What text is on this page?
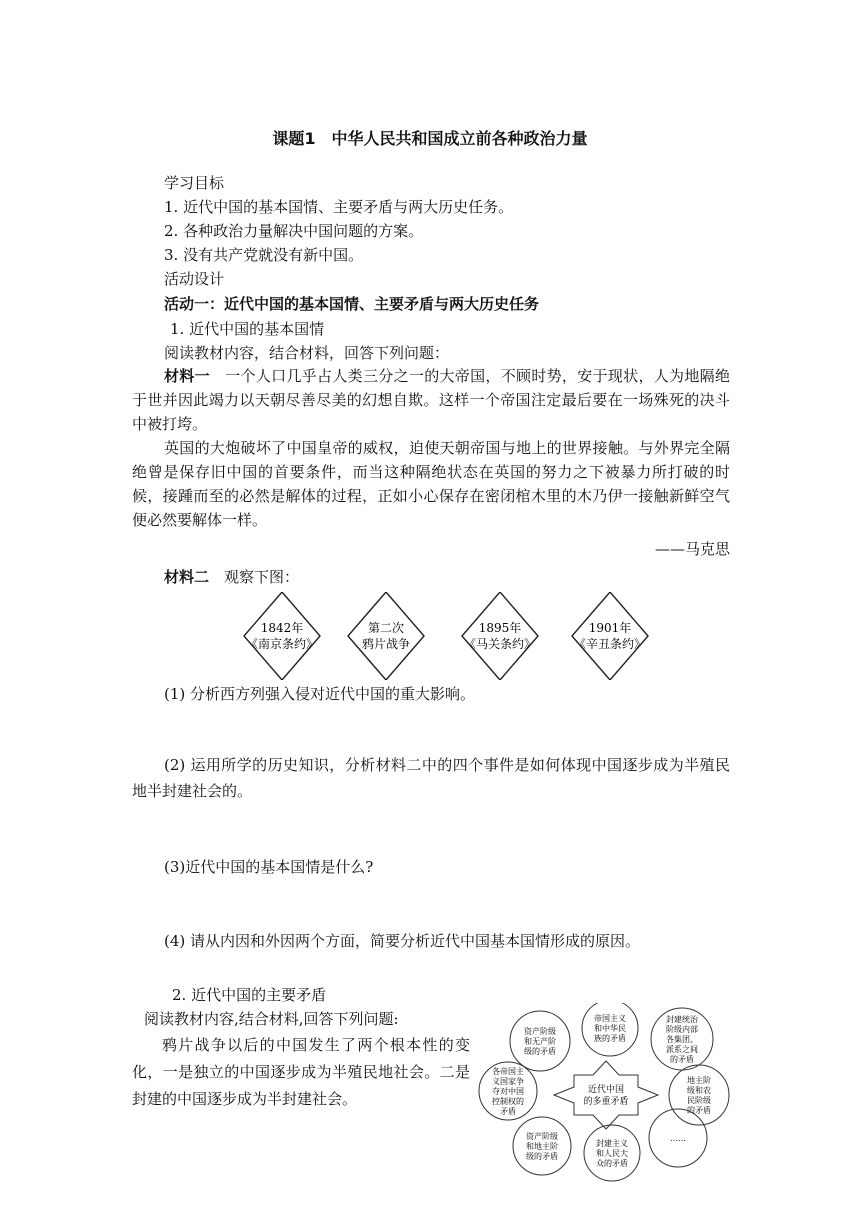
课题1　中华人民共和国成立前各种政治力量
学习目标
1. 近代中国的基本国情、主要矛盾与两大历史任务。
2. 各种政治力量解决中国问题的方案。
3. 没有共产党就没有新中国。
活动设计
活动一：近代中国的基本国情、主要矛盾与两大历史任务
1. 近代中国的基本国情
阅读教材内容，结合材料，回答下列问题：
材料一　 一个人口几乎占人类三分之一的大帝国，不顾时势，安于现状，人为地隔绝于世并因此竭力以天朝尽善尽美的幻想自欺。这样一个帝国注定最后要在一场殊死的决斗中被打垮。
英国的大炮破坏了中国皇帝的威权，迫使天朝帝国与地上的世界接触。与外界完全隔绝曾是保存旧中国的首要条件，而当这种隔绝状态在英国的努力之下被暴力所打破的时候，接踵而至的必然是解体的过程，正如小心保存在密闭棺木里的木乃伊一接触新鲜空气便必然要解体一样。
——马克思
材料二　 观察下图：
1842年
《南京条约》
第二次
鸦片战争
1895年
《马关条约》
1901年
《辛丑条约》
(1) 分析西方列强入侵对近代中国的重大影响。
(2) 运用所学的历史知识，分析材料二中的四个事件是如何体现中国逐步成为半殖民地半封建社会的。
(3)近代中国的基本国情是什么?
(4) 请从内因和外因两个方面，简要分析近代中国基本国情形成的原因。
2. 近代中国的主要矛盾
阅读教材内容,结合材料,回答下列问题:
鸦片战争以后的中国发生了两个根本性的变化，一是独立的中国逐步成为半殖民地社会。二是封建的中国逐步成为半封建社会。	近代中国
的多重矛盾
资产阶级
和无产阶
级的矛盾
帝国主义
和中华民
族的矛盾
封建统治
阶级内部
各集团、
派系之间
的矛盾
各帝国主
义国家争
夺对中国
控制权的
矛盾
地主阶
级和农
民阶级
的矛盾
资产阶级
和地主阶
级的矛盾
封建主义
和人民大
众的矛盾
……
